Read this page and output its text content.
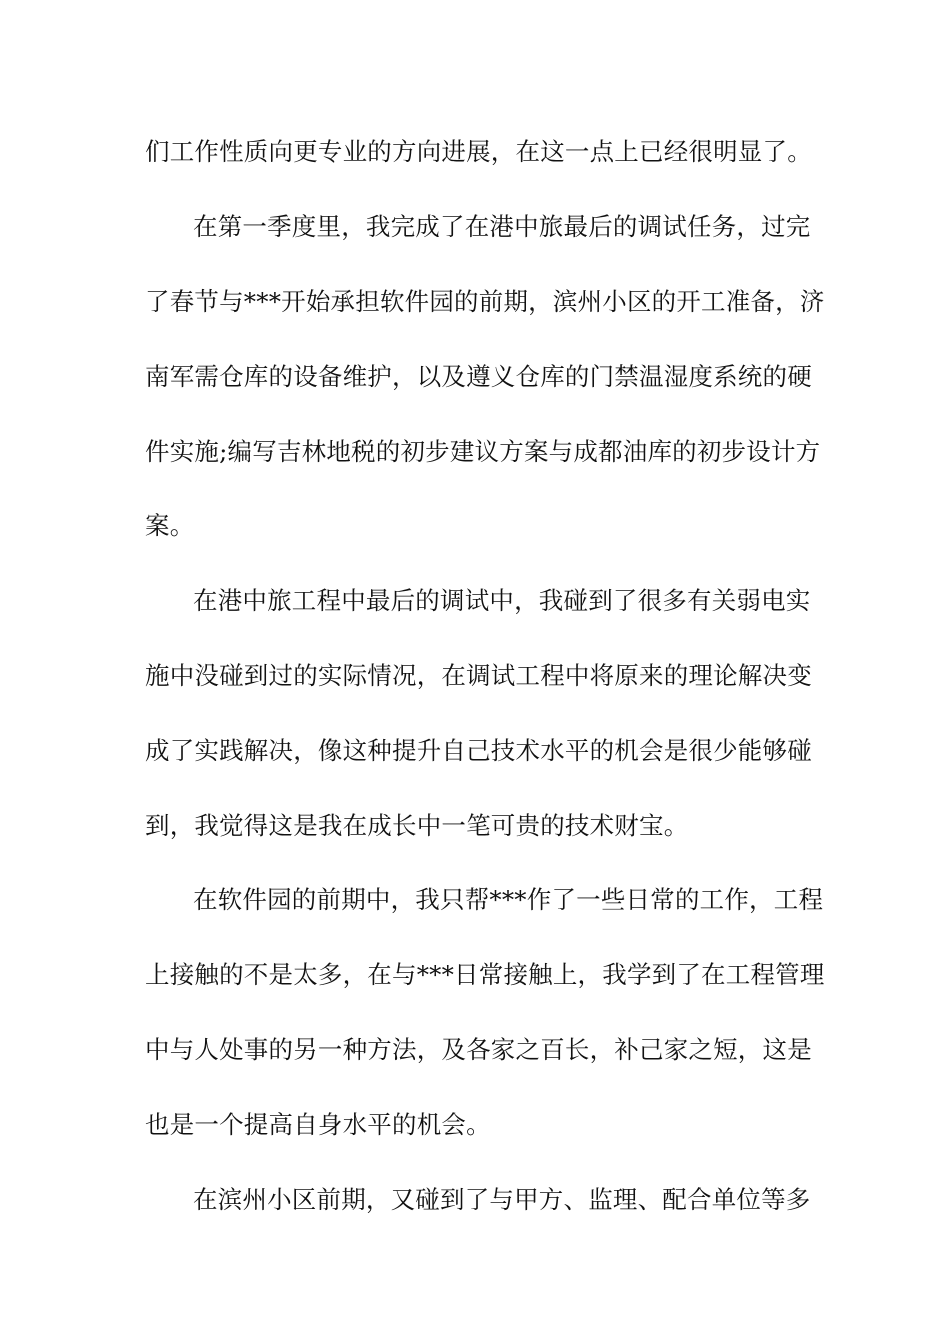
们工作性质向更专业的方向进展，在这一点上已经很明显了。
在第一季度里，我完成了在港中旅最后的调试任务，过完
了春节与***开始承担软件园的前期，滨州小区的开工准备，济
南军需仓库的设备维护，以及遵义仓库的门禁温湿度系统的硬
件实施;编写吉林地税的初步建议方案与成都油库的初步设计方
案。
在港中旅工程中最后的调试中，我碰到了很多有关弱电实
施中没碰到过的实际情况，在调试工程中将原来的理论解决变
成了实践解决，像这种提升自己技术水平的机会是很少能够碰
到，我觉得这是我在成长中一笔可贵的技术财宝。
在软件园的前期中，我只帮***作了一些日常的工作，工程
上接触的不是太多，在与***日常接触上，我学到了在工程管理
中与人处事的另一种方法，及各家之百长，补己家之短，这是
也是一个提高自身水平的机会。
在滨州小区前期，又碰到了与甲方、监理、配合单位等多
